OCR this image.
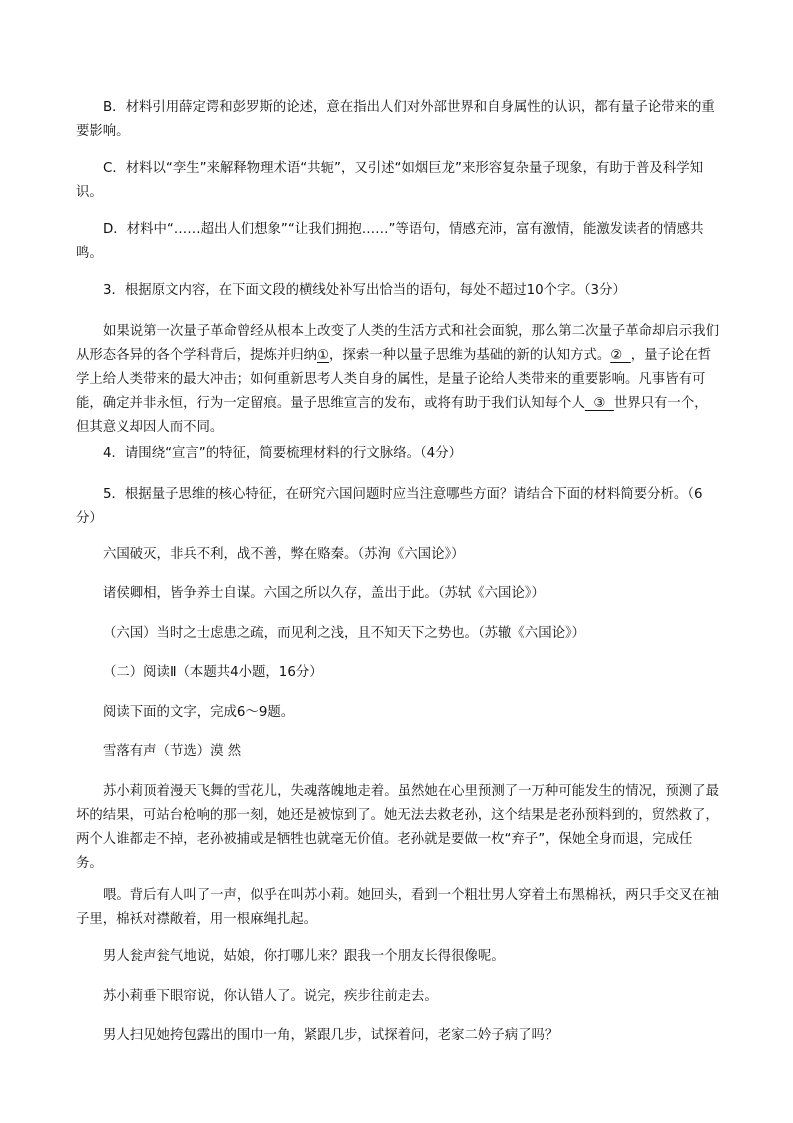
B．材料引用薛定谔和彭罗斯的论述，意在指出人们对外部世界和自身属性的认识，都有量子论带来的重要影响。

C．材料以“孪生”来解释物理术语“共轭”，又引述“如烟巨龙”来形容复杂量子现象，有助于普及科学知识。

D．材料中“……超出人们想象”“让我们拥抱……”等语句，情感充沛，富有激情，能激发读者的情感共鸣。

3．根据原文内容，在下面文段的横线处补写出恰当的语句，每处不超过10个字。（3分）

如果说第一次量子革命曾经从根本上改变了人类的生活方式和社会面貌，那么第二次量子革命却启示我们从形态各异的各个学科背后，提炼并归纳①，探索一种以量子思维为基础的新的认知方式。②  ，量子论在哲学上给人类带来的最大冲击；如何重新思考人类自身的属性，是量子论给人类带来的重要影响。凡事皆有可能，确定并非永恒，行为一定留痕。量子思维宣言的发布，或将有助于我们认知每个人  ③  世界只有一个，但其意义却因人而不同。

4．请围绕“宣言”的特征，简要梳理材料的行文脉络。（4分）

5．根据量子思维的核心特征，在研究六国问题时应当注意哪些方面？请结合下面的材料简要分析。（6分）

六国破灭，非兵不利，战不善，弊在赂秦。（苏洵《六国论》）

诸侯卿相，皆争养士自谋。六国之所以久存，盖出于此。（苏轼《六国论》）

（六国）当时之士虑患之疏，而见利之浅，且不知天下之势也。（苏辙《六国论》）

（二）阅读Ⅱ（本题共4小题，16分）

阅读下面的文字，完成6～9题。

雪落有声（节选）漠 然

苏小莉顶着漫天飞舞的雪花儿，失魂落魄地走着。虽然她在心里预测了一万种可能发生的情况，预测了最坏的结果，可站台枪响的那一刻，她还是被惊到了。她无法去救老孙，这个结果是老孙预料到的，贸然救了，两个人谁都走不掉，老孙被捕或是牺牲也就毫无价值。老孙就是要做一枚“弃子”，保她全身而退，完成任务。

喂。背后有人叫了一声，似乎在叫苏小莉。她回头，看到一个粗壮男人穿着土布黑棉袄，两只手交叉在袖子里，棉袄对襟敞着，用一根麻绳扎起。

男人瓮声瓮气地说，姑娘，你打哪儿来？跟我一个朋友长得很像呢。

苏小莉垂下眼帘说，你认错人了。说完，疾步往前走去。

男人扫见她挎包露出的围巾一角，紧跟几步，试探着问，老家二妗子病了吗？
